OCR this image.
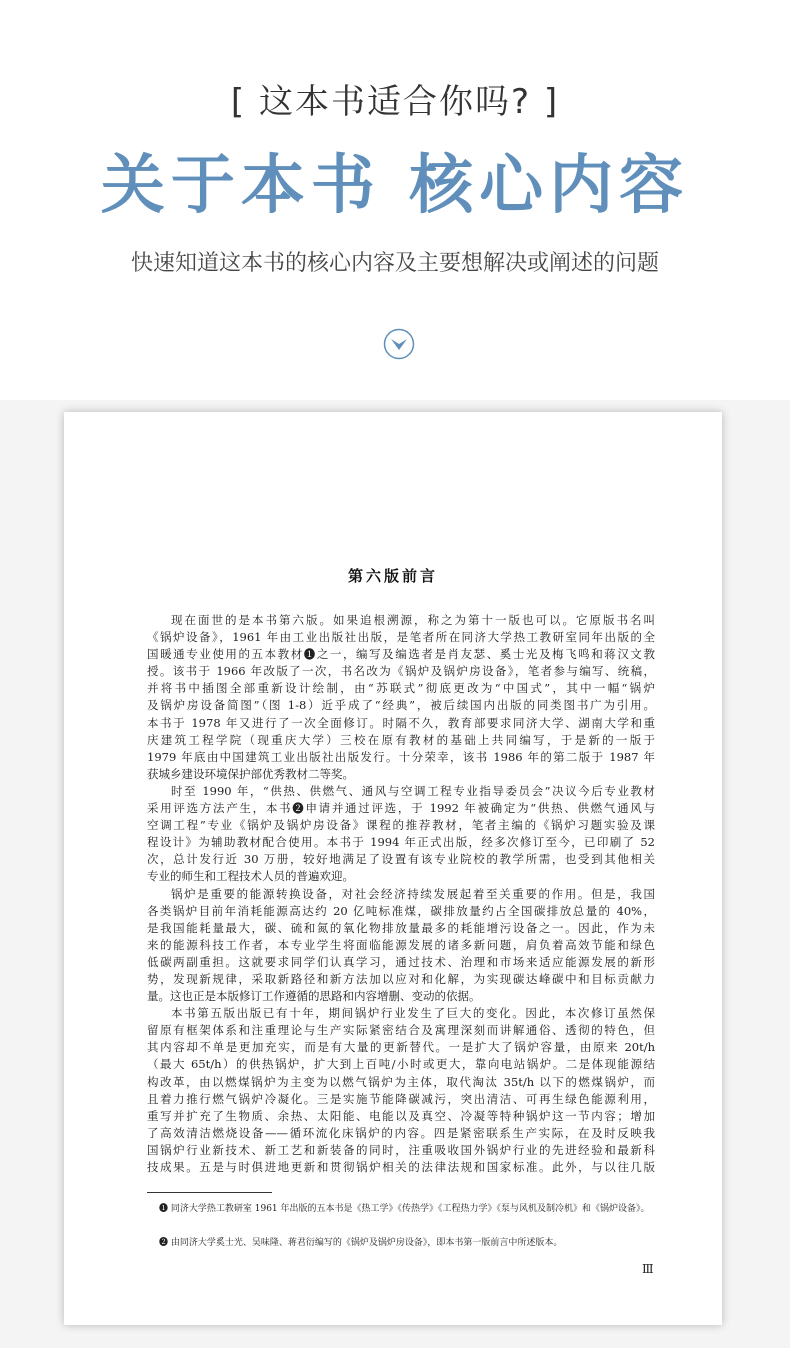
[ 这本书适合你吗? ]
关于本书 核心内容
快速知道这本书的核心内容及主要想解决或阐述的问题
第六版前言
现在面世的是本书第六版。如果追根溯源，称之为第十一版也可以。它原版书名叫
《锅炉设备》，1961 年由工业出版社出版，是笔者所在同济大学热工教研室同年出版的全
国暖通专业使用的五本教材❶之一，编写及编选者是肖友瑟、奚士光及梅飞鸣和蒋汉文教
授。该书于 1966 年改版了一次，书名改为《锅炉及锅炉房设备》，笔者参与编写、统稿，
并将书中插图全部重新设计绘制，由“苏联式”彻底更改为“中国式”，其中一幅“锅炉
及锅炉房设备简图”（图 1-8）近乎成了“经典”，被后续国内出版的同类图书广为引用。
本书于 1978 年又进行了一次全面修订。时隔不久，教育部要求同济大学、湖南大学和重
庆建筑工程学院（现重庆大学）三校在原有教材的基础上共同编写，于是新的一版于
1979 年底由中国建筑工业出版社出版发行。十分荣幸，该书 1986 年的第二版于 1987 年
获城乡建设环境保护部优秀教材二等奖。
时至 1990 年，“供热、供燃气、通风与空调工程专业指导委员会”决议今后专业教材
采用评选方法产生，本书❷申请并通过评选，于 1992 年被确定为“供热、供燃气通风与
空调工程”专业《锅炉及锅炉房设备》课程的推荐教材，笔者主编的《锅炉习题实验及课
程设计》为辅助教材配合使用。本书于 1994 年正式出版，经多次修订至今，已印刷了 52
次，总计发行近 30 万册，较好地满足了设置有该专业院校的教学所需，也受到其他相关
专业的师生和工程技术人员的普遍欢迎。
锅炉是重要的能源转换设备，对社会经济持续发展起着至关重要的作用。但是，我国
各类锅炉目前年消耗能源高达约 20 亿吨标准煤，碳排放量约占全国碳排放总量的 40%，
是我国能耗量最大，碳、硫和氮的氧化物排放量最多的耗能增污设备之一。因此，作为未
来的能源科技工作者，本专业学生将面临能源发展的诸多新问题，肩负着高效节能和绿色
低碳两副重担。这就要求同学们认真学习，通过技术、治理和市场来适应能源发展的新形
势，发现新规律，采取新路径和新方法加以应对和化解，为实现碳达峰碳中和目标贡献力
量。这也正是本版修订工作遵循的思路和内容增删、变动的依据。
本书第五版出版已有十年，期间锅炉行业发生了巨大的变化。因此，本次修订虽然保
留原有框架体系和注重理论与生产实际紧密结合及寓理深刻而讲解通俗、透彻的特色，但
其内容却不单是更加充实，而是有大量的更新替代。一是扩大了锅炉容量，由原来 20t/h
（最大 65t/h）的供热锅炉，扩大到上百吨/小时或更大，靠向电站锅炉。二是体现能源结
构改革，由以燃煤锅炉为主变为以燃气锅炉为主体，取代淘汰 35t/h 以下的燃煤锅炉，而
且着力推行燃气锅炉冷凝化。三是实施节能降碳减污，突出清洁、可再生绿色能源利用，
重写并扩充了生物质、余热、太阳能、电能以及真空、冷凝等特种锅炉这一节内容；增加
了高效清洁燃烧设备——循环流化床锅炉的内容。四是紧密联系生产实际，在及时反映我
国锅炉行业新技术、新工艺和新装备的同时，注重吸收国外锅炉行业的先进经验和最新科
技成果。五是与时俱进地更新和贯彻锅炉相关的法律法规和国家标准。此外，与以往几版
❶ 同济大学热工教研室 1961 年出版的五本书是《热工学》《传热学》《工程热力学》《泵与风机及制冷机》和《锅炉设备》。
❷ 由同济大学奚士光、吴味隆、蒋君衍编写的《锅炉及锅炉房设备》，即本书第一版前言中所述版本。
Ⅲ
